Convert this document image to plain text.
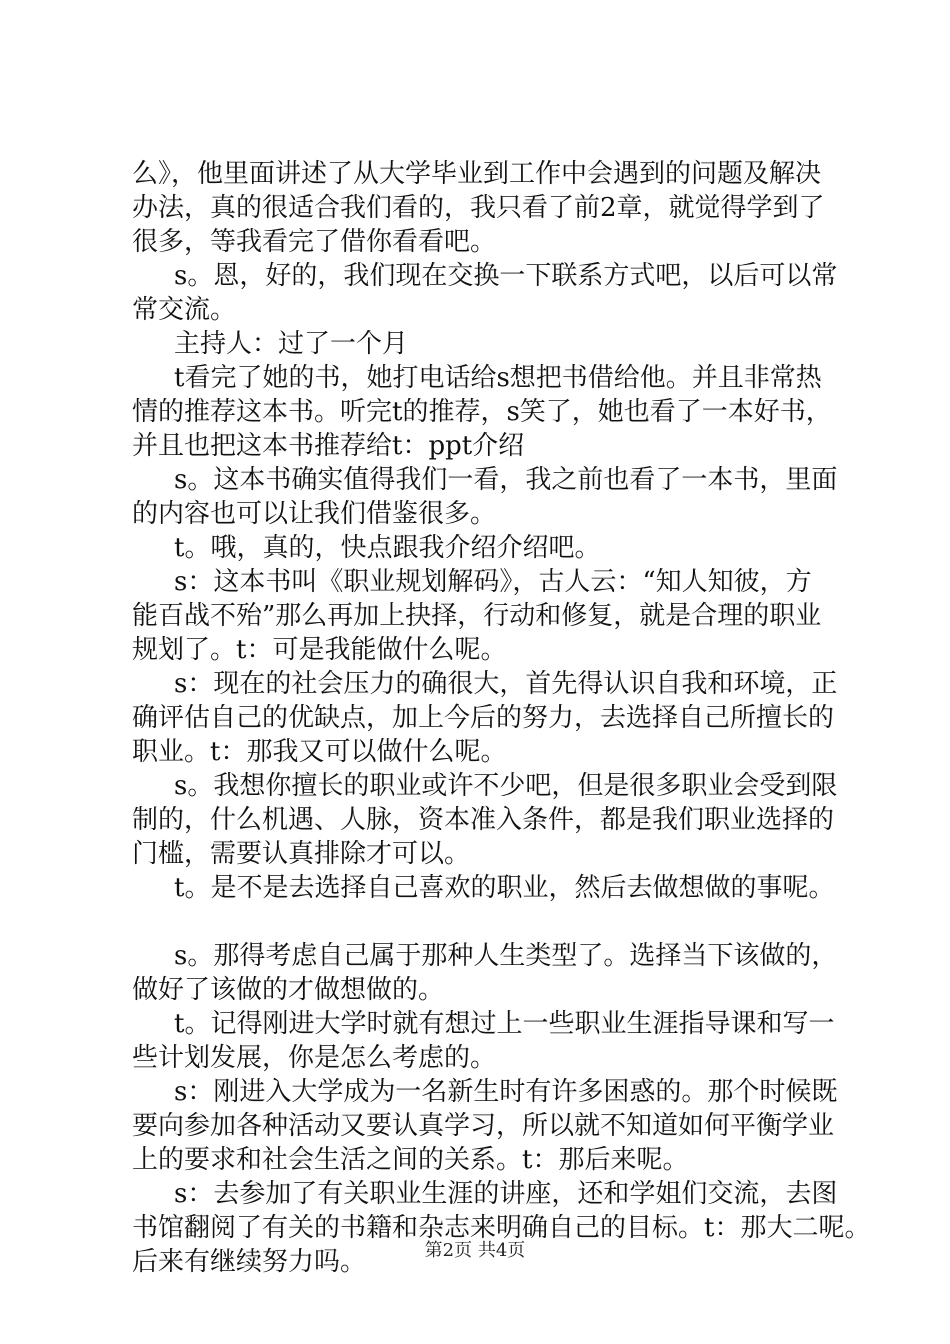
么》，他里面讲述了从大学毕业到工作中会遇到的问题及解决
办法，真的很适合我们看的，我只看了前2章，就觉得学到了
很多，等我看完了借你看看吧。
s。恩，好的，我们现在交换一下联系方式吧，以后可以常
常交流。
主持人：过了一个月
t看完了她的书，她打电话给s想把书借给他。并且非常热
情的推荐这本书。听完t的推荐，s笑了，她也看了一本好书，
并且也把这本书推荐给t：ppt介绍
s。这本书确实值得我们一看，我之前也看了一本书，里面
的内容也可以让我们借鉴很多。
t。哦，真的，快点跟我介绍介绍吧。
s：这本书叫《职业规划解码》，古人云：“知人知彼，方
能百战不殆”那么再加上抉择，行动和修复，就是合理的职业
规划了。t：可是我能做什么呢。
s：现在的社会压力的确很大，首先得认识自我和环境，正
确评估自己的优缺点，加上今后的努力，去选择自己所擅长的
职业。t：那我又可以做什么呢。
s。我想你擅长的职业或许不少吧，但是很多职业会受到限
制的，什么机遇、人脉，资本准入条件，都是我们职业选择的
门槛，需要认真排除才可以。
t。是不是去选择自己喜欢的职业，然后去做想做的事呢。
s。那得考虑自己属于那种人生类型了。选择当下该做的，
做好了该做的才做想做的。
t。记得刚进大学时就有想过上一些职业生涯指导课和写一
些计划发展，你是怎么考虑的。
s：刚进入大学成为一名新生时有许多困惑的。那个时候既
要向参加各种活动又要认真学习，所以就不知道如何平衡学业
上的要求和社会生活之间的关系。t：那后来呢。
s：去参加了有关职业生涯的讲座，还和学姐们交流，去图
书馆翻阅了有关的书籍和杂志来明确自己的目标。t：那大二呢。
后来有继续努力吗。	第2页 共4页
